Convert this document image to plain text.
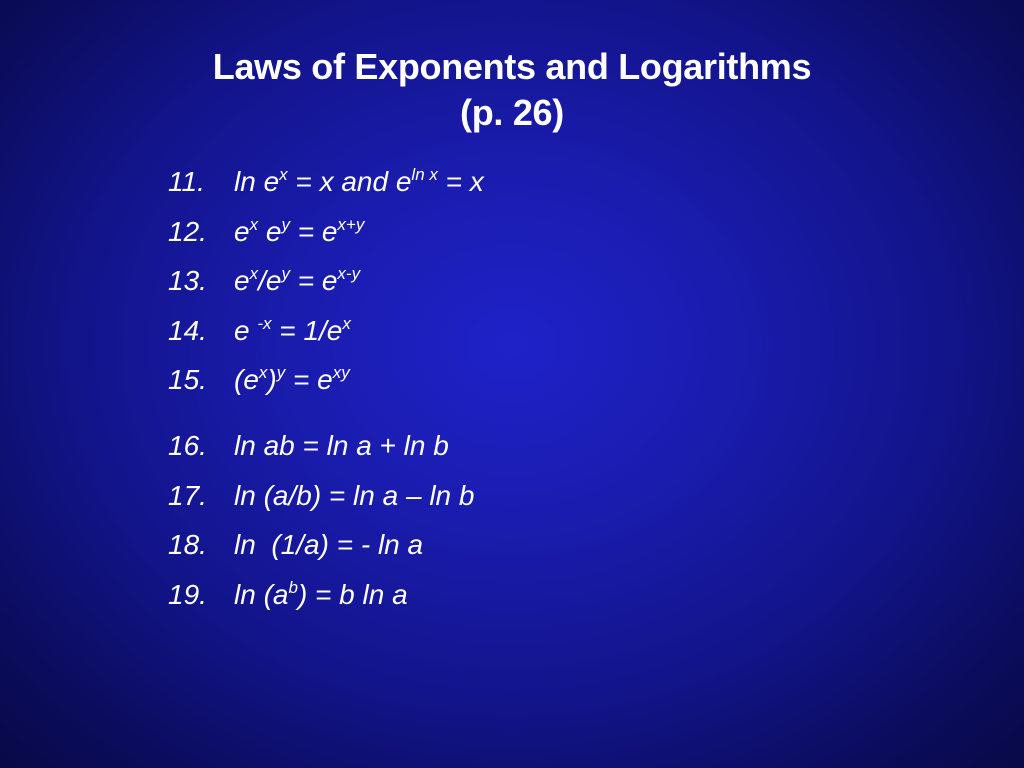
Laws of Exponents and Logarithms
(p. 26)
11. $\ln e^x = x$ and $e^{ln x} = x$
12. $e^x$ $e^y = e^{x+y}$
13. $e^x/e^y = e^{x-y}$
14. e $^{-x} = 1/e^x$
15. $(e^x)^y = e^{xy}$
16. ln ab = ln a + ln b
17. ln (a/b) = ln a – ln b
18. ln  (1/a) = - ln a
19. $\ln (a^b) = b$ ln a
